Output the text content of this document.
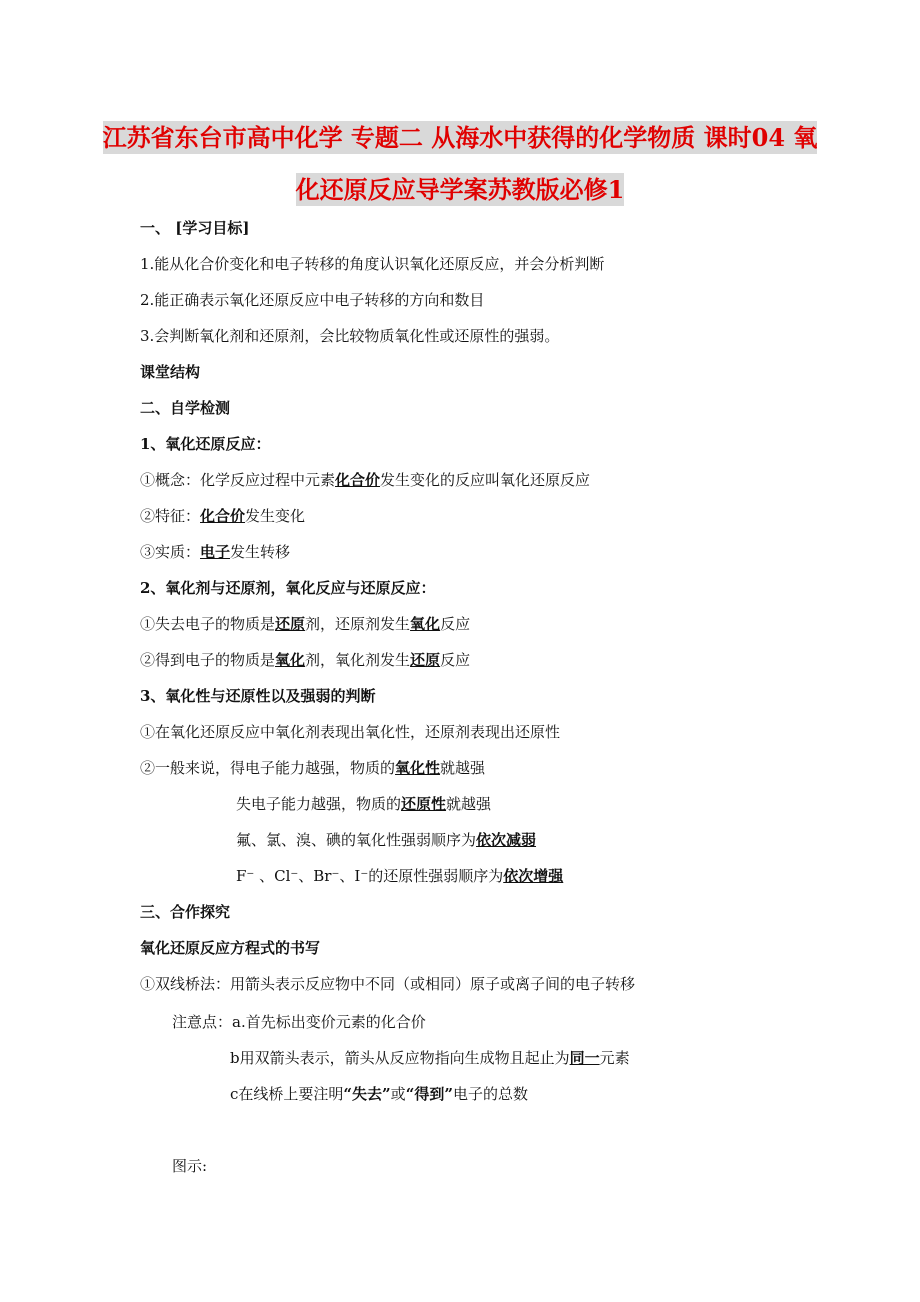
江苏省东台市高中化学 专题二 从海水中获得的化学物质 课时04 氧
化还原反应导学案苏教版必修1
一、 [学习目标]
1.能从化合价变化和电子转移的角度认识氧化还原反应，并会分析判断
2.能正确表示氧化还原反应中电子转移的方向和数目
3.会判断氧化剂和还原剂，会比较物质氧化性或还原性的强弱。
课堂结构
二、自学检测
1、氧化还原反应：
①概念：化学反应过程中元素化合价发生变化的反应叫氧化还原反应
②特征：化合价发生变化
③实质：电子发生转移
2、氧化剂与还原剂，氧化反应与还原反应：
①失去电子的物质是还原剂，还原剂发生氧化反应
②得到电子的物质是氧化剂，氧化剂发生还原反应
3、氧化性与还原性以及强弱的判断
①在氧化还原反应中氧化剂表现出氧化性，还原剂表现出还原性
②一般来说，得电子能力越强，物质的氧化性就越强
失电子能力越强，物质的还原性就越强
氟、氯、溴、碘的氧化性强弱顺序为依次减弱
F⁻ 、Cl⁻、Br⁻、I⁻的还原性强弱顺序为依次增强
三、合作探究
氧化还原反应方程式的书写
①双线桥法：用箭头表示反应物中不同（或相同）原子或离子间的电子转移
注意点：a.首先标出变价元素的化合价
b用双箭头表示，箭头从反应物指向生成物且起止为同一元素
c在线桥上要注明“失去”或“得到”电子的总数
图示:
